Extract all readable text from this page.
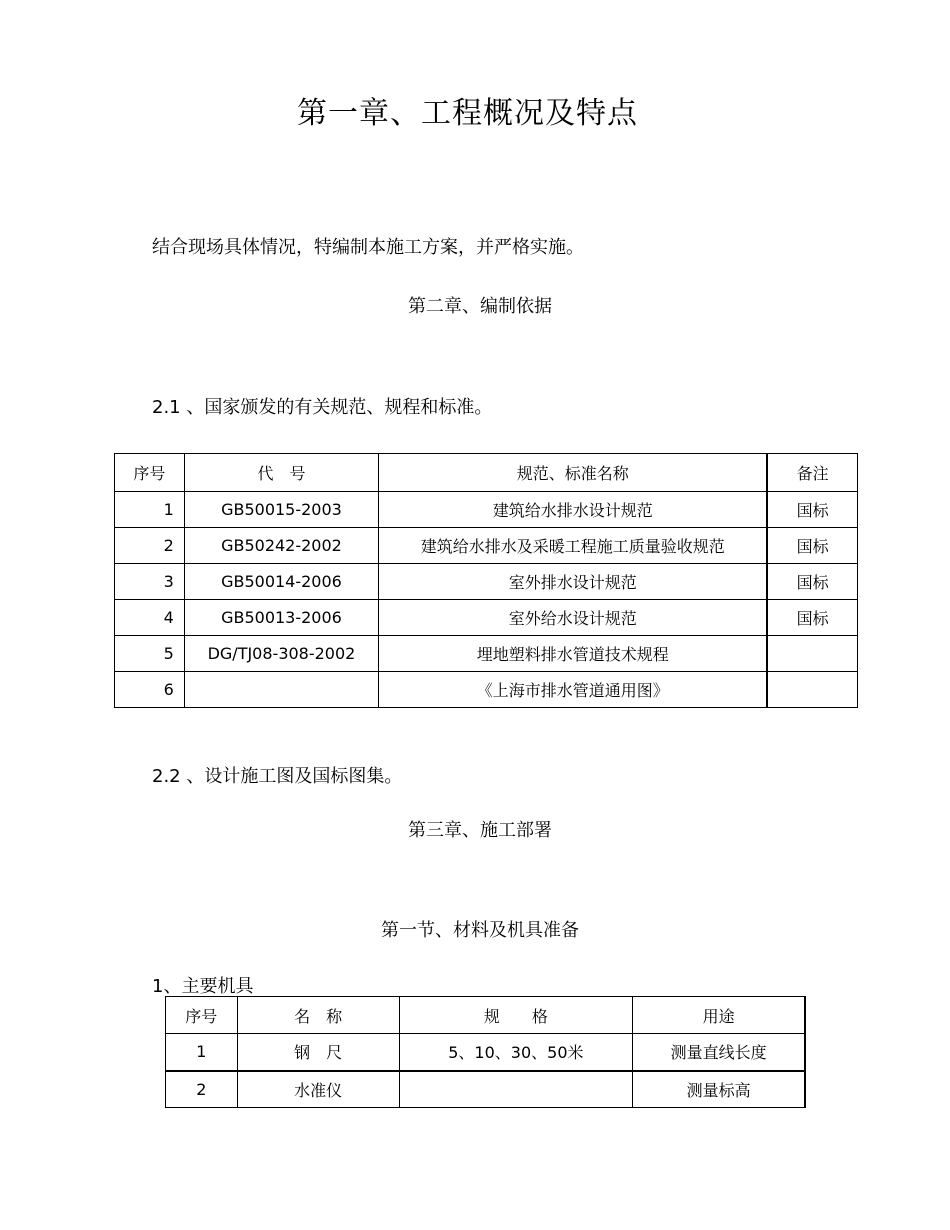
第一章、工程概况及特点
结合现场具体情况，特编制本施工方案，并严格实施。
第二章、编制依据
2.1 、国家颁发的有关规范、规程和标准。
序号	代　号	规范、标准名称	备注
1	GB50015-2003	建筑给水排水设计规范	国标
2	GB50242-2002	建筑给水排水及采暖工程施工质量验收规范	国标
3	GB50014-2006	室外排水设计规范	国标
4	GB50013-2006	室外给水设计规范	国标
5	DG/TJ08-308-2002	埋地塑料排水管道技术规程	
6		《上海市排水管道通用图》	
2.2 、设计施工图及国标图集。
第三章、施工部署
第一节、材料及机具准备
1、主要机具
序号	名　称	规　　格	用途
1	钢　尺	5、10、30、50米	测量直线长度
2	水准仪		测量标高
